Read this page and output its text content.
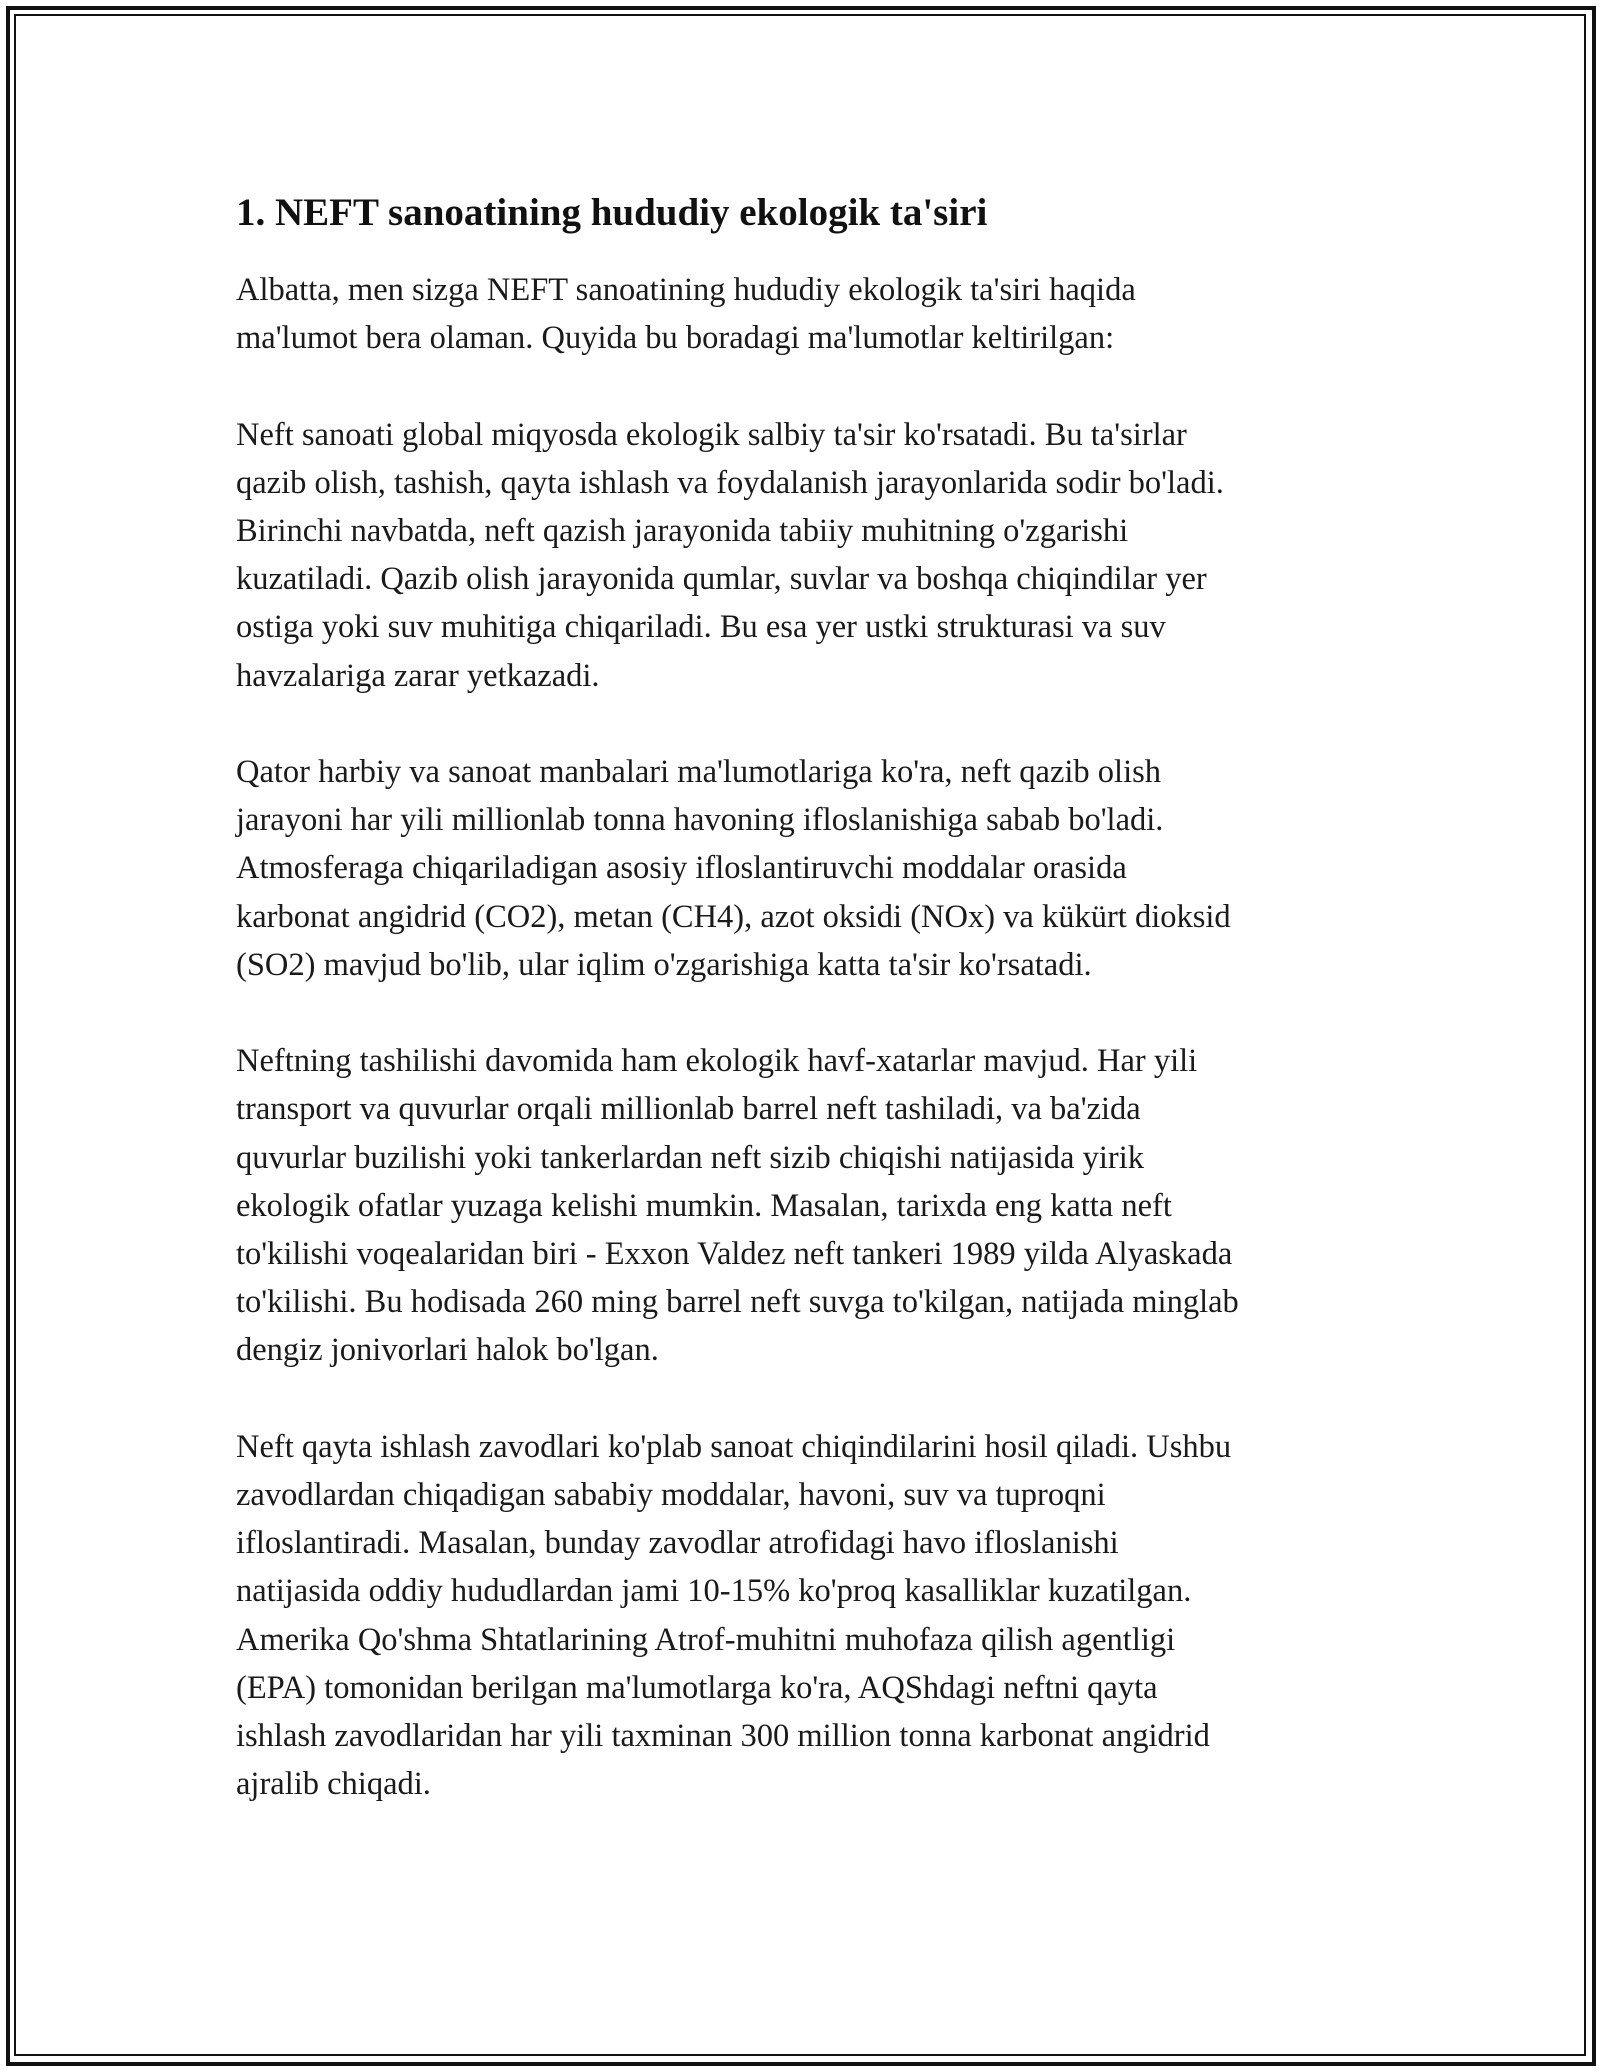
1. NEFT sanoatining hududiy ekologik ta'siri

Albatta, men sizga NEFT sanoatining hududiy ekologik ta'siri haqida
ma'lumot bera olaman. Quyida bu boradagi ma'lumotlar keltirilgan:

Neft sanoati global miqyosda ekologik salbiy ta'sir ko'rsatadi. Bu ta'sirlar
qazib olish, tashish, qayta ishlash va foydalanish jarayonlarida sodir bo'ladi.
Birinchi navbatda, neft qazish jarayonida tabiiy muhitning o'zgarishi
kuzatiladi. Qazib olish jarayonida qumlar, suvlar va boshqa chiqindilar yer
ostiga yoki suv muhitiga chiqariladi. Bu esa yer ustki strukturasi va suv
havzalariga zarar yetkazadi.

Qator harbiy va sanoat manbalari ma'lumotlariga ko'ra, neft qazib olish
jarayoni har yili millionlab tonna havoning ifloslanishiga sabab bo'ladi.
Atmosferaga chiqariladigan asosiy ifloslantiruvchi moddalar orasida
karbonat angidrid (CO2), metan (CH4), azot oksidi (NOx) va kükürt dioksid
(SO2) mavjud bo'lib, ular iqlim o'zgarishiga katta ta'sir ko'rsatadi.

Neftning tashilishi davomida ham ekologik havf-xatarlar mavjud. Har yili
transport va quvurlar orqali millionlab barrel neft tashiladi, va ba'zida
quvurlar buzilishi yoki tankerlardan neft sizib chiqishi natijasida yirik
ekologik ofatlar yuzaga kelishi mumkin. Masalan, tarixda eng katta neft
to'kilishi voqealaridan biri - Exxon Valdez neft tankeri 1989 yilda Alyaskada
to'kilishi. Bu hodisada 260 ming barrel neft suvga to'kilgan, natijada minglab
dengiz jonivorlari halok bo'lgan.

Neft qayta ishlash zavodlari ko'plab sanoat chiqindilarini hosil qiladi. Ushbu
zavodlardan chiqadigan sababiy moddalar, havoni, suv va tuproqni
ifloslantiradi. Masalan, bunday zavodlar atrofidagi havo ifloslanishi
natijasida oddiy hududlardan jami 10-15% ko'proq kasalliklar kuzatilgan.
Amerika Qo'shma Shtatlarining Atrof-muhitni muhofaza qilish agentligi
(EPA) tomonidan berilgan ma'lumotlarga ko'ra, AQShdagi neftni qayta
ishlash zavodlaridan har yili taxminan 300 million tonna karbonat angidrid
ajralib chiqadi.
